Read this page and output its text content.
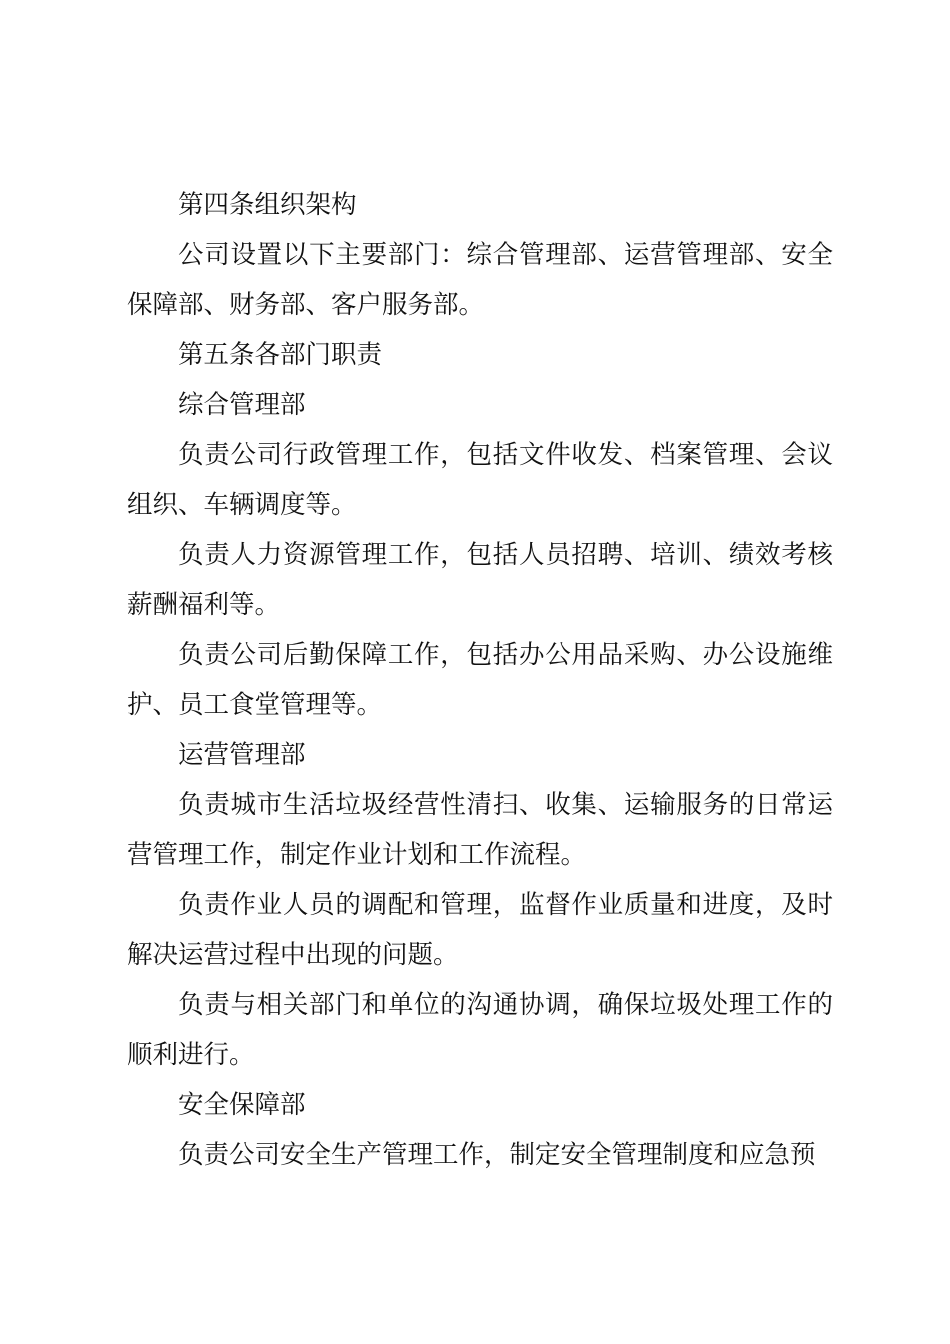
第四条组织架构

公司设置以下主要部门：综合管理部、运营管理部、安全保障部、财务部、客户服务部。

第五条各部门职责

综合管理部

负责公司行政管理工作，包括文件收发、档案管理、会议组织、车辆调度等。

负责人力资源管理工作，包括人员招聘、培训、绩效考核薪酬福利等。

负责公司后勤保障工作，包括办公用品采购、办公设施维护、员工食堂管理等。

运营管理部

负责城市生活垃圾经营性清扫、收集、运输服务的日常运营管理工作，制定作业计划和工作流程。

负责作业人员的调配和管理，监督作业质量和进度，及时解决运营过程中出现的问题。

负责与相关部门和单位的沟通协调，确保垃圾处理工作的顺利进行。

安全保障部

负责公司安全生产管理工作，制定安全管理制度和应急预
